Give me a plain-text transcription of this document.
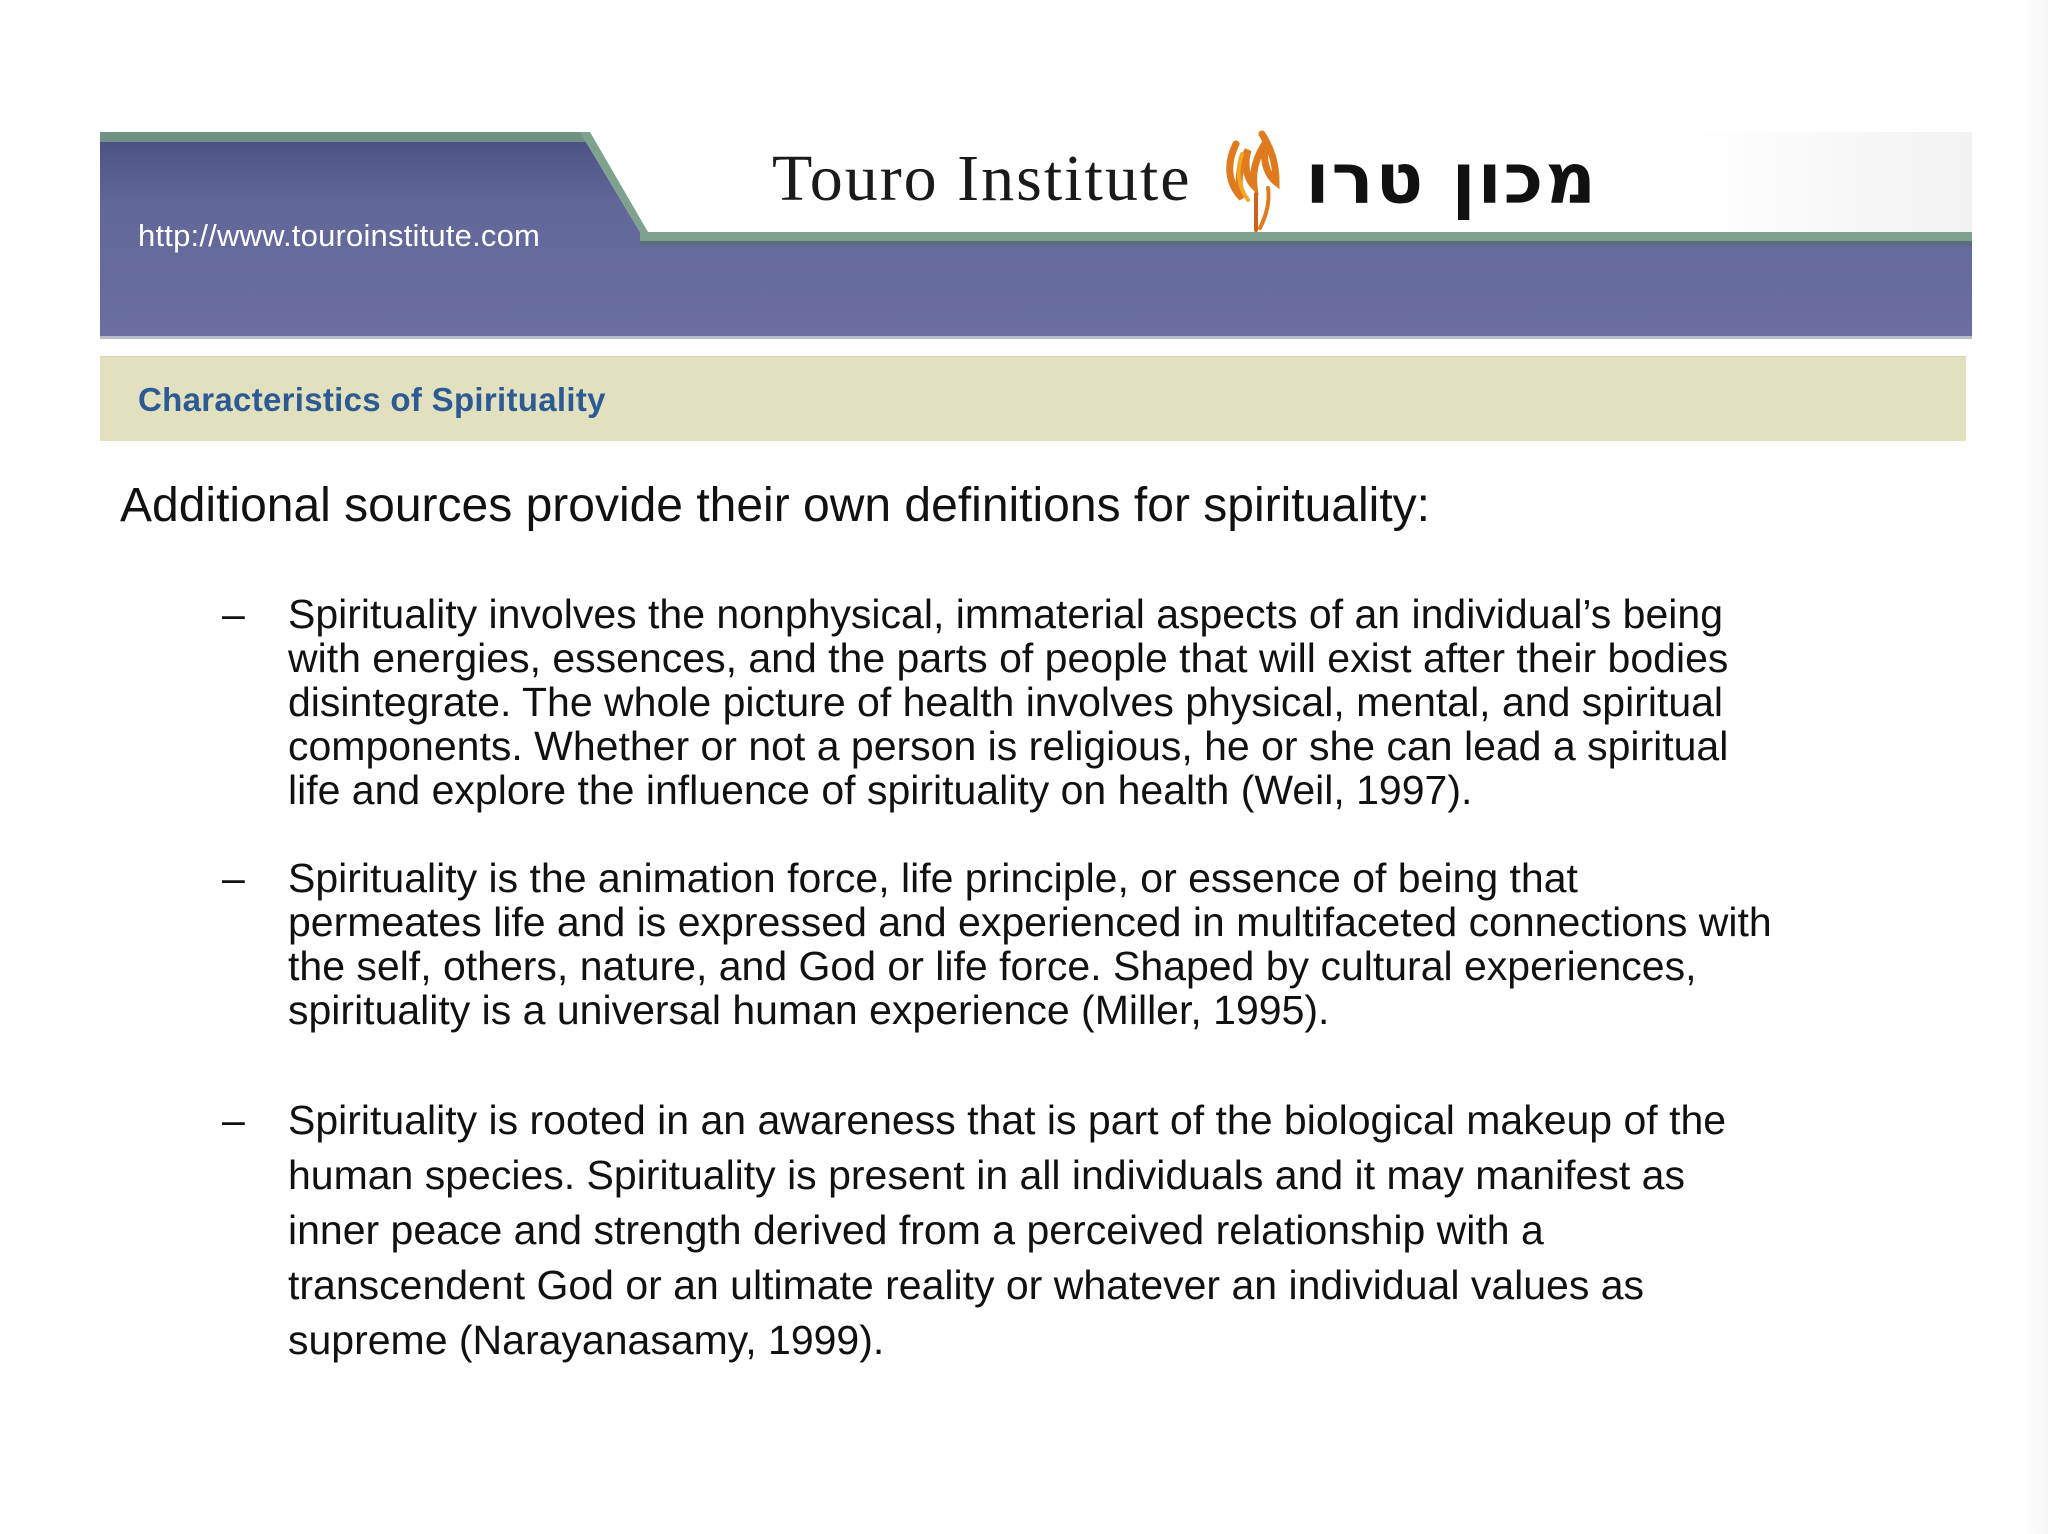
http://www.touroinstitute.com
Touro Institute מכון טרו
Characteristics of Spirituality
Additional sources provide their own definitions for spirituality:
–	Spirituality involves the nonphysical, immaterial aspects of an individual’s being
with energies, essences, and the parts of people that will exist after their bodies
disintegrate. The whole picture of health involves physical, mental, and spiritual
components. Whether or not a person is religious, he or she can lead a spiritual
life and explore the influence of spirituality on health (Weil, 1997).
–	Spirituality is the animation force, life principle, or essence of being that
permeates life and is expressed and experienced in multifaceted connections with
the self, others, nature, and God or life force. Shaped by cultural experiences,
spirituality is a universal human experience (Miller, 1995).
–	Spirituality is rooted in an awareness that is part of the biological makeup of the
human species. Spirituality is present in all individuals and it may manifest as
inner peace and strength derived from a perceived relationship with a
transcendent God or an ultimate reality or whatever an individual values as
supreme (Narayanasamy, 1999).
